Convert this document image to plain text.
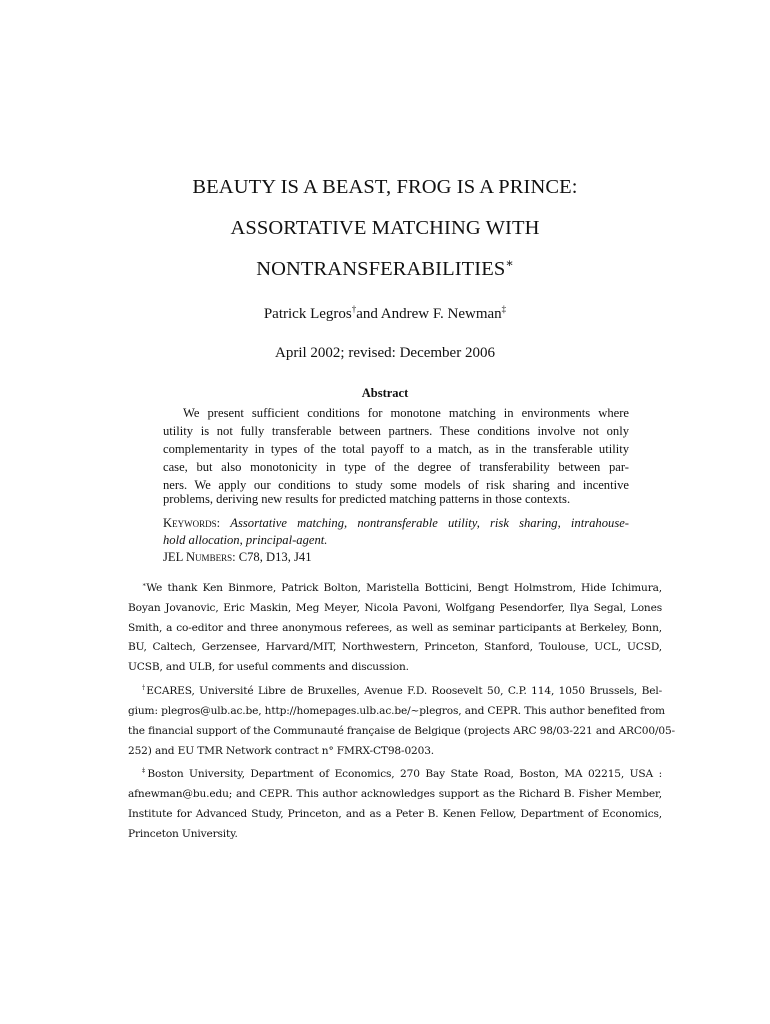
BEAUTY IS A BEAST, FROG IS A PRINCE:
ASSORTATIVE MATCHING WITH
NONTRANSFERABILITIES∗
Patrick Legros†and Andrew F. Newman‡
April 2002; revised: December 2006
Abstract
We present sufficient conditions for monotone matching in environments where
utility is not fully transferable between partners. These conditions involve not only
complementarity in types of the total payoff to a match, as in the transferable utility
case, but also monotonicity in type of the degree of transferability between par-
ners. We apply our conditions to study some models of risk sharing and incentive
problems, deriving new results for predicted matching patterns in those contexts.
Keywords: Assortative matching, nontransferable utility, risk sharing, intrahouse-
hold allocation, principal-agent.
JEL Numbers: C78, D13, J41
∗We thank Ken Binmore, Patrick Bolton, Maristella Botticini, Bengt Holmstrom, Hide Ichimura,
Boyan Jovanovic, Eric Maskin, Meg Meyer, Nicola Pavoni, Wolfgang Pesendorfer, Ilya Segal, Lones
Smith, a co-editor and three anonymous referees, as well as seminar participants at Berkeley, Bonn,
BU, Caltech, Gerzensee, Harvard/MIT, Northwestern, Princeton, Stanford, Toulouse, UCL, UCSD,
UCSB, and ULB, for useful comments and discussion.
†ECARES, Université Libre de Bruxelles, Avenue F.D. Roosevelt 50, C.P. 114, 1050 Brussels, Bel-
gium: plegros@ulb.ac.be, http://homepages.ulb.ac.be/~plegros, and CEPR. This author benefited from
the financial support of the Communauté française de Belgique (projects ARC 98/03-221 and ARC00/05-
252) and EU TMR Network contract n° FMRX-CT98-0203.
‡Boston University, Department of Economics, 270 Bay State Road, Boston, MA 02215, USA :
afnewman@bu.edu; and CEPR. This author acknowledges support as the Richard B. Fisher Member,
Institute for Advanced Study, Princeton, and as a Peter B. Kenen Fellow, Department of Economics,
Princeton University.
